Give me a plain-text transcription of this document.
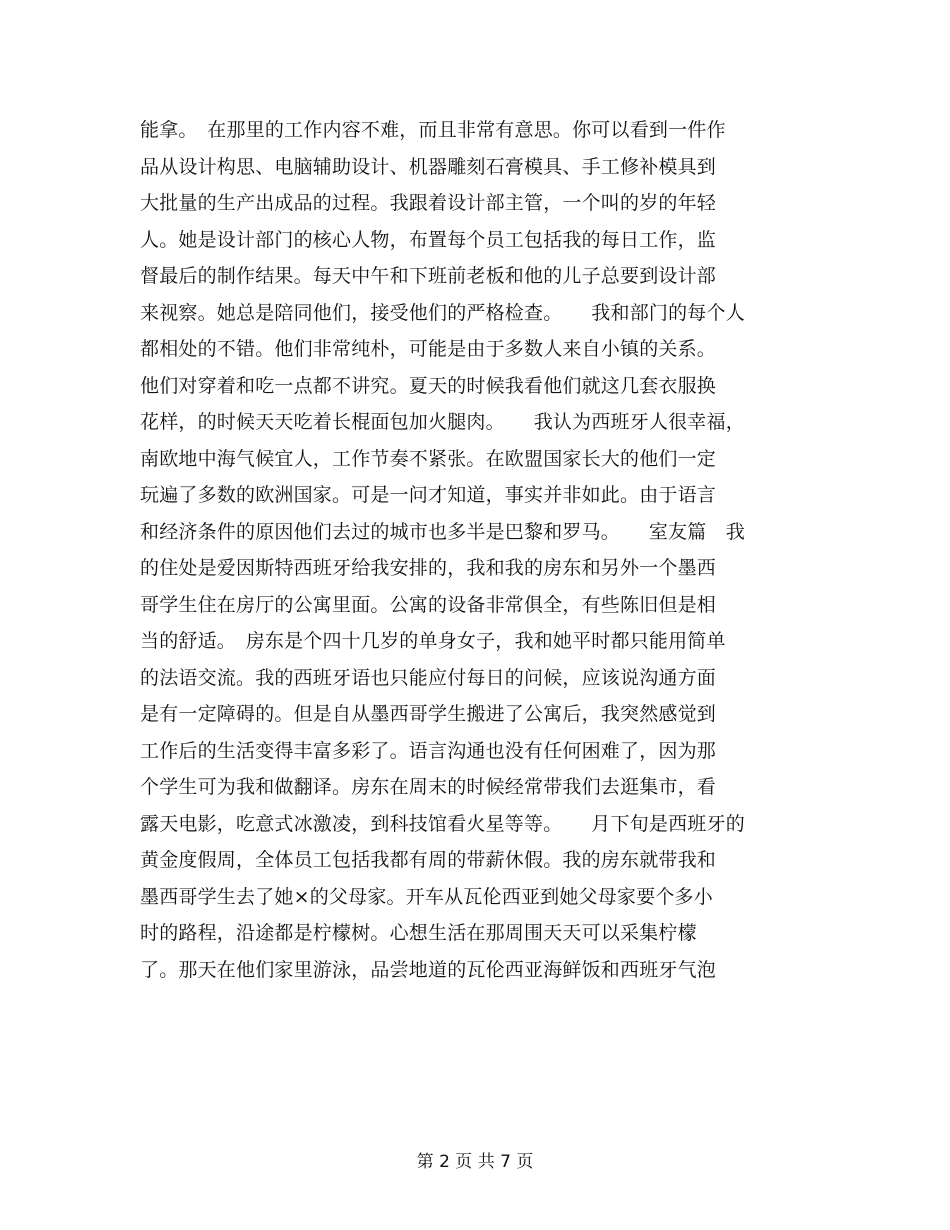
能拿。　在那里的工作内容不难，而且非常有意思。你可以看到一件作
品从设计构思、电脑辅助设计、机器雕刻石膏模具、手工修补模具到
大批量的生产出成品的过程。我跟着设计部主管，一个叫的岁的年轻
人。她是设计部门的核心人物，布置每个员工包括我的每日工作，监
督最后的制作结果。每天中午和下班前老板和他的儿子总要到设计部
来视察。她总是陪同他们，接受他们的严格检查。　　我和部门的每个人
都相处的不错。他们非常纯朴，可能是由于多数人来自小镇的关系。
他们对穿着和吃一点都不讲究。夏天的时候我看他们就这几套衣服换
花样，的时候天天吃着长棍面包加火腿肉。　　我认为西班牙人很幸福，
南欧地中海气候宜人，工作节奏不紧张。在欧盟国家长大的他们一定
玩遍了多数的欧洲国家。可是一问才知道，事实并非如此。由于语言
和经济条件的原因他们去过的城市也多半是巴黎和罗马。　　室友篇　我
的住处是爱因斯特西班牙给我安排的，我和我的房东和另外一个墨西
哥学生住在房厅的公寓里面。公寓的设备非常俱全，有些陈旧但是相
当的舒适。　房东是个四十几岁的单身女子，我和她平时都只能用简单
的法语交流。我的西班牙语也只能应付每日的问候，应该说沟通方面
是有一定障碍的。但是自从墨西哥学生搬进了公寓后，我突然感觉到
工作后的生活变得丰富多彩了。语言沟通也没有任何困难了，因为那
个学生可为我和做翻译。房东在周末的时候经常带我们去逛集市，看
露天电影，吃意式冰激凌，到科技馆看火星等等。　　月下旬是西班牙的
黄金度假周，全体员工包括我都有周的带薪休假。我的房东就带我和
墨西哥学生去了她×的父母家。开车从瓦伦西亚到她父母家要个多小
时的路程，沿途都是柠檬树。心想生活在那周围天天可以采集柠檬
了。那天在他们家里游泳，品尝地道的瓦伦西亚海鲜饭和西班牙气泡
第 2 页 共 7 页
